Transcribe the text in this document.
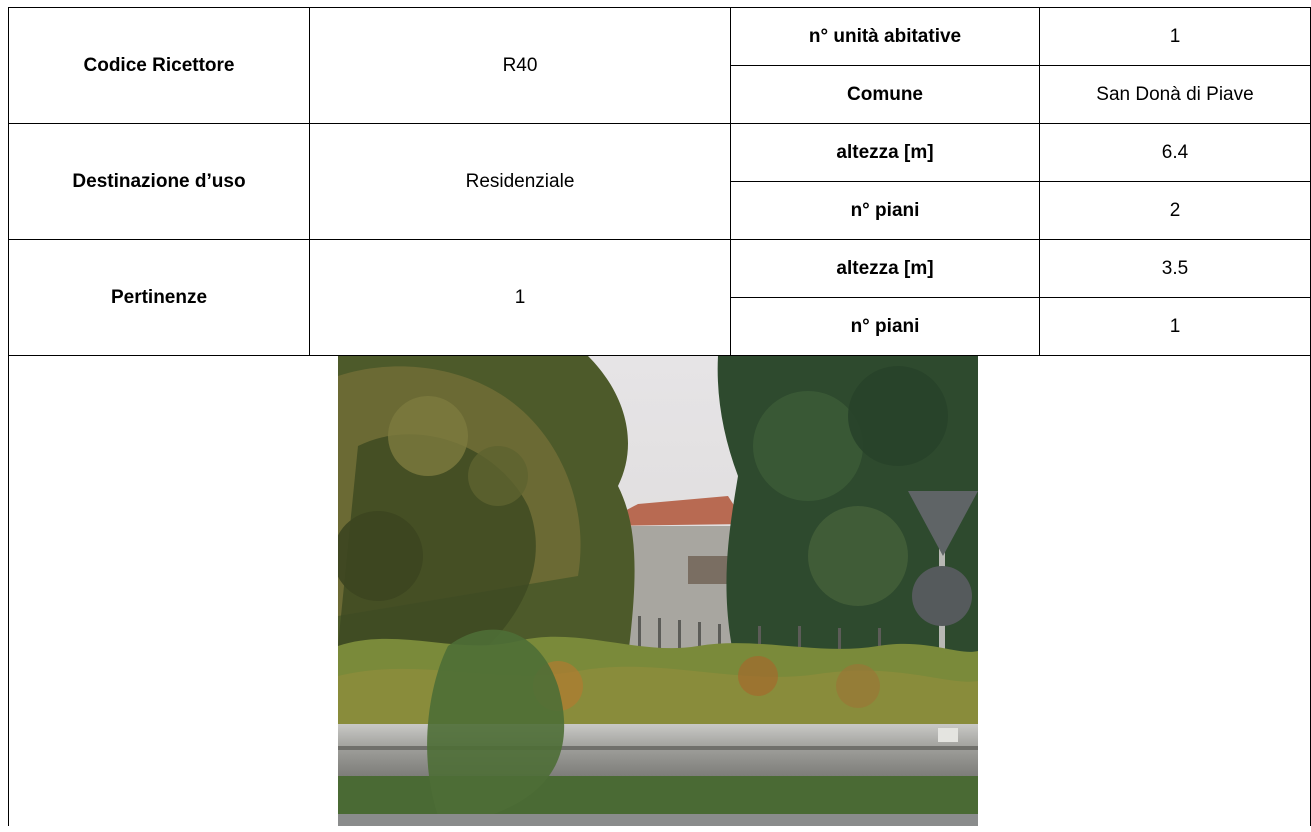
Codice Ricettore	R40	n° unità abitative	1
		Comune	San Donà di Piave
Destinazione d’uso	Residenziale	altezza [m]	6.4
		n° piani	2
Pertinenze	1	altezza [m]	3.5
		n° piani	1
